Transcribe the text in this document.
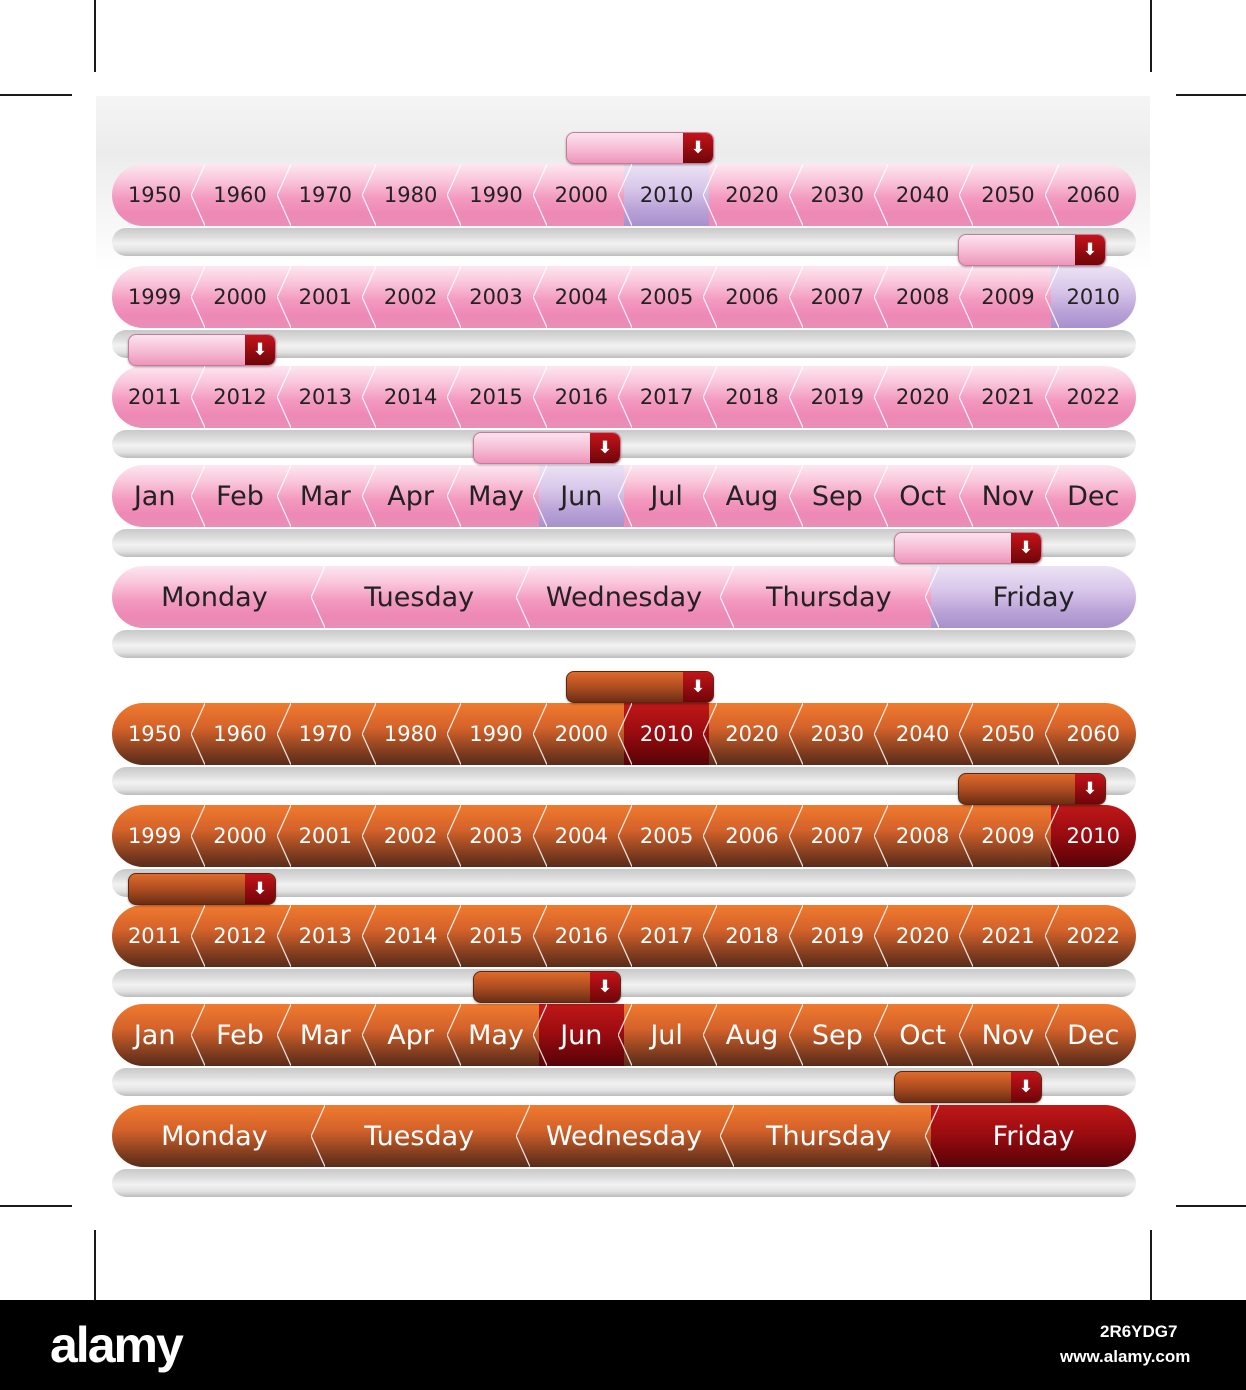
1950	1960	1970	1980	1990	2000	2010	2020	2030	2040	2050	2060
⬇
1999	2000	2001	2002	2003	2004	2005	2006	2007	2008	2009	2010
⬇
2011	2012	2013	2014	2015	2016	2017	2018	2019	2020	2021	2022
⬇
Jan	Feb	Mar	Apr	May	Jun	Jul	Aug	Sep	Oct	Nov	Dec
⬇
Monday	Tuesday	Wednesday	Thursday	Friday
⬇
1950	1960	1970	1980	1990	2000	2010	2020	2030	2040	2050	2060
⬇
1999	2000	2001	2002	2003	2004	2005	2006	2007	2008	2009	2010
⬇
2011	2012	2013	2014	2015	2016	2017	2018	2019	2020	2021	2022
⬇
Jan	Feb	Mar	Apr	May	Jun	Jul	Aug	Sep	Oct	Nov	Dec
⬇
Monday	Tuesday	Wednesday	Thursday	Friday
⬇
alamy	2R6YDG7
www.alamy.com
